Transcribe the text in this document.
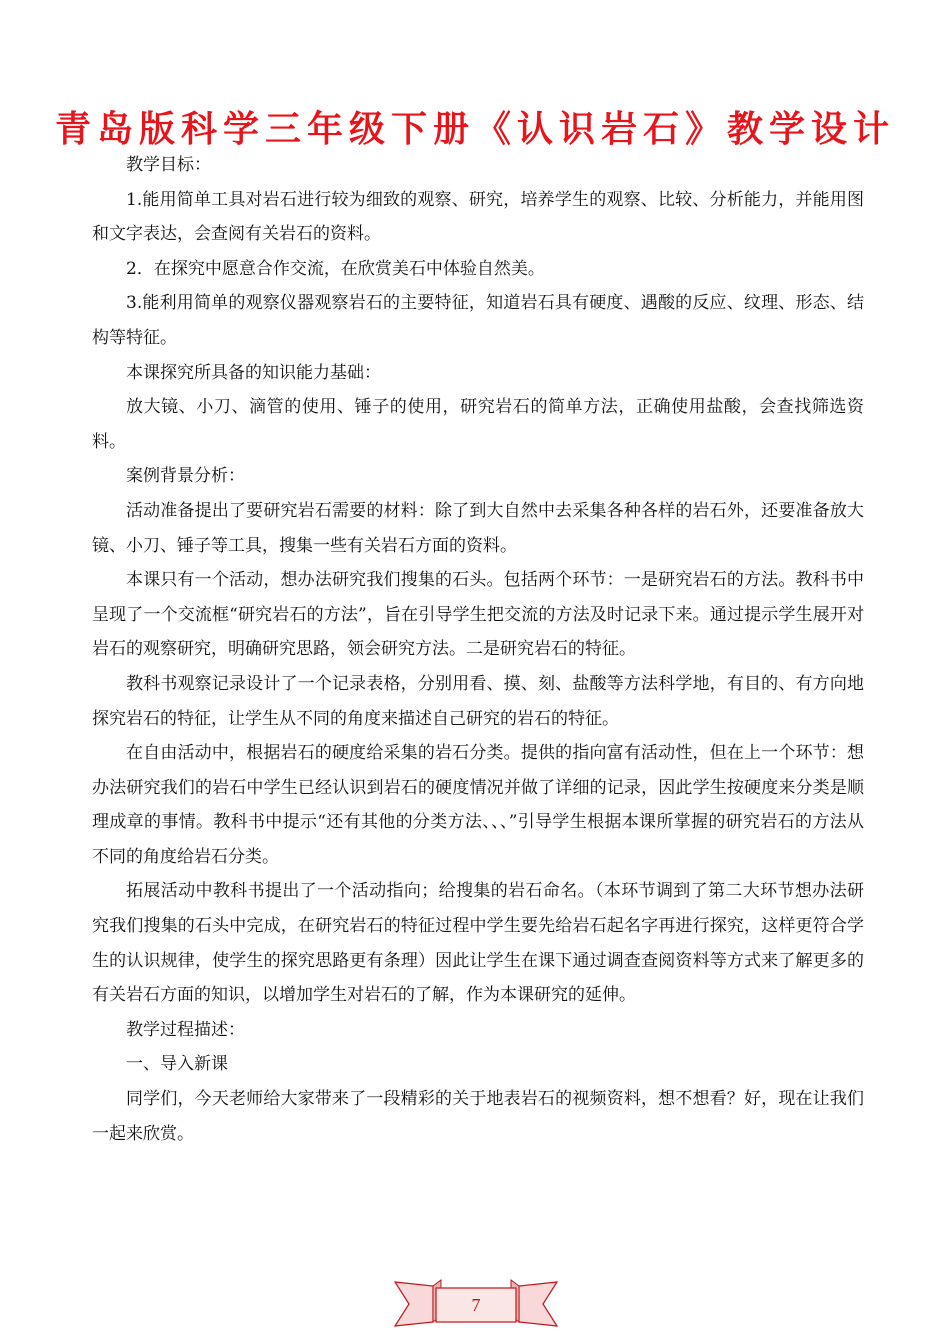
青岛版科学三年级下册《认识岩石》教学设计

教学目标：

1.能用简单工具对岩石进行较为细致的观察、研究，培养学生的观察、比较、分析能力，并能用图和文字表达，会查阅有关岩石的资料。

2．在探究中愿意合作交流，在欣赏美石中体验自然美。

3.能利用简单的观察仪器观察岩石的主要特征，知道岩石具有硬度、遇酸的反应、纹理、形态、结构等特征。

本课探究所具备的知识能力基础：

放大镜、小刀、滴管的使用、锤子的使用，研究岩石的简单方法，正确使用盐酸，会查找筛选资料。

案例背景分析：

活动准备提出了要研究岩石需要的材料：除了到大自然中去采集各种各样的岩石外，还要准备放大镜、小刀、锤子等工具，搜集一些有关岩石方面的资料。

本课只有一个活动，想办法研究我们搜集的石头。包括两个环节：一是研究岩石的方法。教科书中呈现了一个交流框“研究岩石的方法”，旨在引导学生把交流的方法及时记录下来。通过提示学生展开对岩石的观察研究，明确研究思路，领会研究方法。二是研究岩石的特征。

教科书观察记录设计了一个记录表格，分别用看、摸、刻、盐酸等方法科学地，有目的、有方向地探究岩石的特征，让学生从不同的角度来描述自己研究的岩石的特征。

在自由活动中，根据岩石的硬度给采集的岩石分类。提供的指向富有活动性，但在上一个环节：想办法研究我们的岩石中学生已经认识到岩石的硬度情况并做了详细的记录，因此学生按硬度来分类是顺理成章的事情。教科书中提示“还有其他的分类方法、、、”引导学生根据本课所掌握的研究岩石的方法从不同的角度给岩石分类。

拓展活动中教科书提出了一个活动指向；给搜集的岩石命名。（本环节调到了第二大环节想办法研究我们搜集的石头中完成，在研究岩石的特征过程中学生要先给岩石起名字再进行探究，这样更符合学生的认识规律，使学生的探究思路更有条理）因此让学生在课下通过调查查阅资料等方式来了解更多的有关岩石方面的知识，以增加学生对岩石的了解，作为本课研究的延伸。

教学过程描述：

一、导入新课

同学们，今天老师给大家带来了一段精彩的关于地表岩石的视频资料，想不想看？好，现在让我们一起来欣赏。

7
